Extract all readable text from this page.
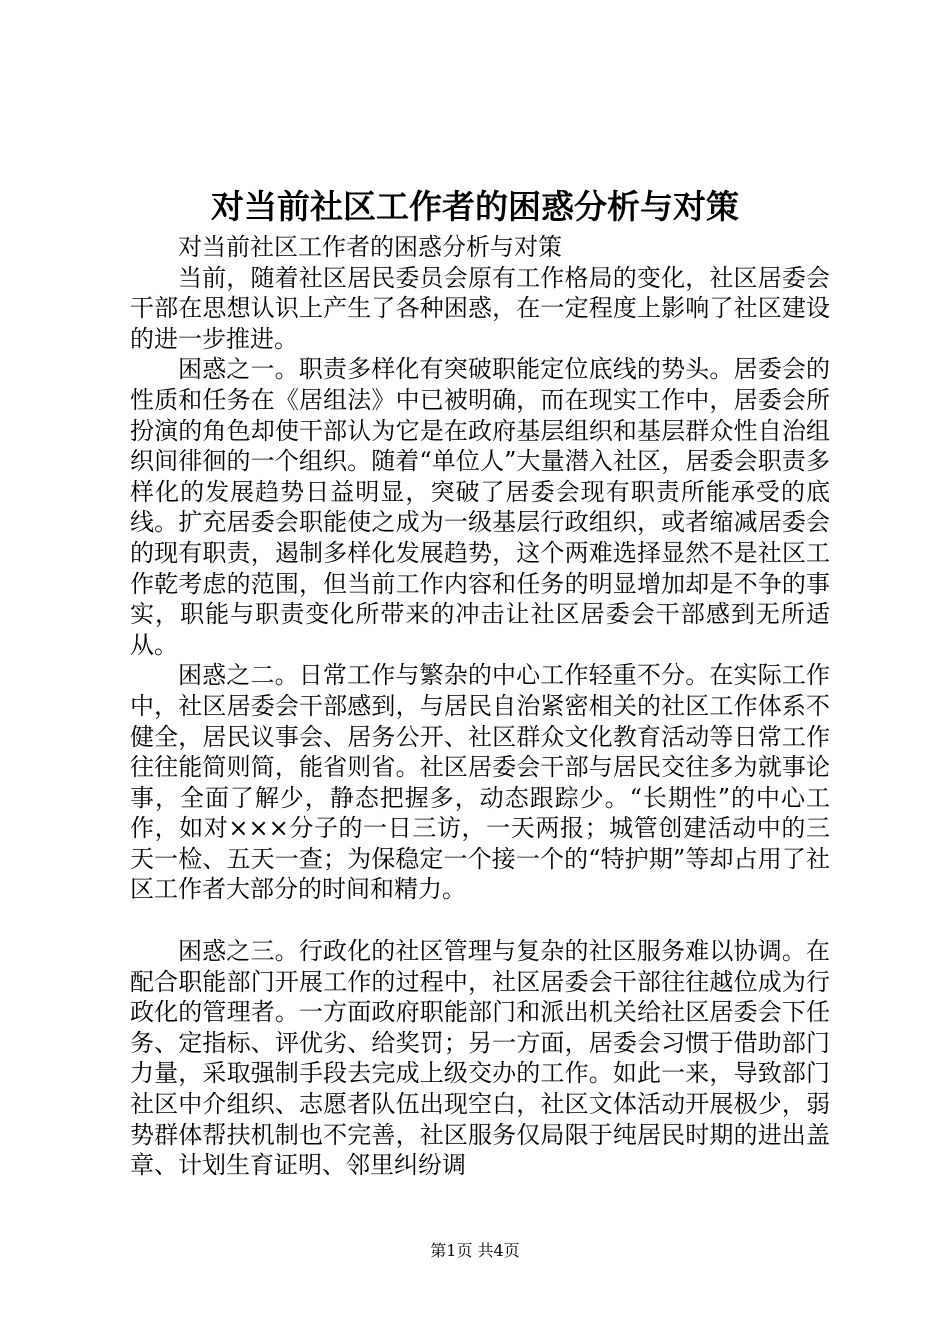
对当前社区工作者的困惑分析与对策

对当前社区工作者的困惑分析与对策

当前，随着社区居民委员会原有工作格局的变化，社区居委会干部在思想认识上产生了各种困惑，在一定程度上影响了社区建设的进一步推进。

困惑之一。职责多样化有突破职能定位底线的势头。居委会的性质和任务在《居组法》中已被明确，而在现实工作中，居委会所扮演的角色却使干部认为它是在政府基层组织和基层群众性自治组织间徘徊的一个组织。随着“单位人”大量潜入社区，居委会职责多样化的发展趋势日益明显，突破了居委会现有职责所能承受的底线。扩充居委会职能使之成为一级基层行政组织，或者缩减居委会的现有职责，遏制多样化发展趋势，这个两难选择显然不是社区工作乾考虑的范围，但当前工作内容和任务的明显增加却是不争的事实，职能与职责变化所带来的冲击让社区居委会干部感到无所适从。

困惑之二。日常工作与繁杂的中心工作轻重不分。在实际工作中，社区居委会干部感到，与居民自治紧密相关的社区工作体系不健全，居民议事会、居务公开、社区群众文化教育活动等日常工作往往能简则简，能省则省。社区居委会干部与居民交往多为就事论事，全面了解少，静态把握多，动态跟踪少。“长期性”的中心工作，如对×××分子的一日三访，一天两报；城管创建活动中的三天一检、五天一查；为保稳定一个接一个的“特护期”等却占用了社区工作者大部分的时间和精力。

困惑之三。行政化的社区管理与复杂的社区服务难以协调。在配合职能部门开展工作的过程中，社区居委会干部往往越位成为行政化的管理者。一方面政府职能部门和派出机关给社区居委会下任务、定指标、评优劣、给奖罚；另一方面，居委会习惯于借助部门力量，采取强制手段去完成上级交办的工作。如此一来，导致部门社区中介组织、志愿者队伍出现空白，社区文体活动开展极少，弱势群体帮扶机制也不完善，社区服务仅局限于纯居民时期的进出盖章、计划生育证明、邻里纠纷调

第1页 共4页
